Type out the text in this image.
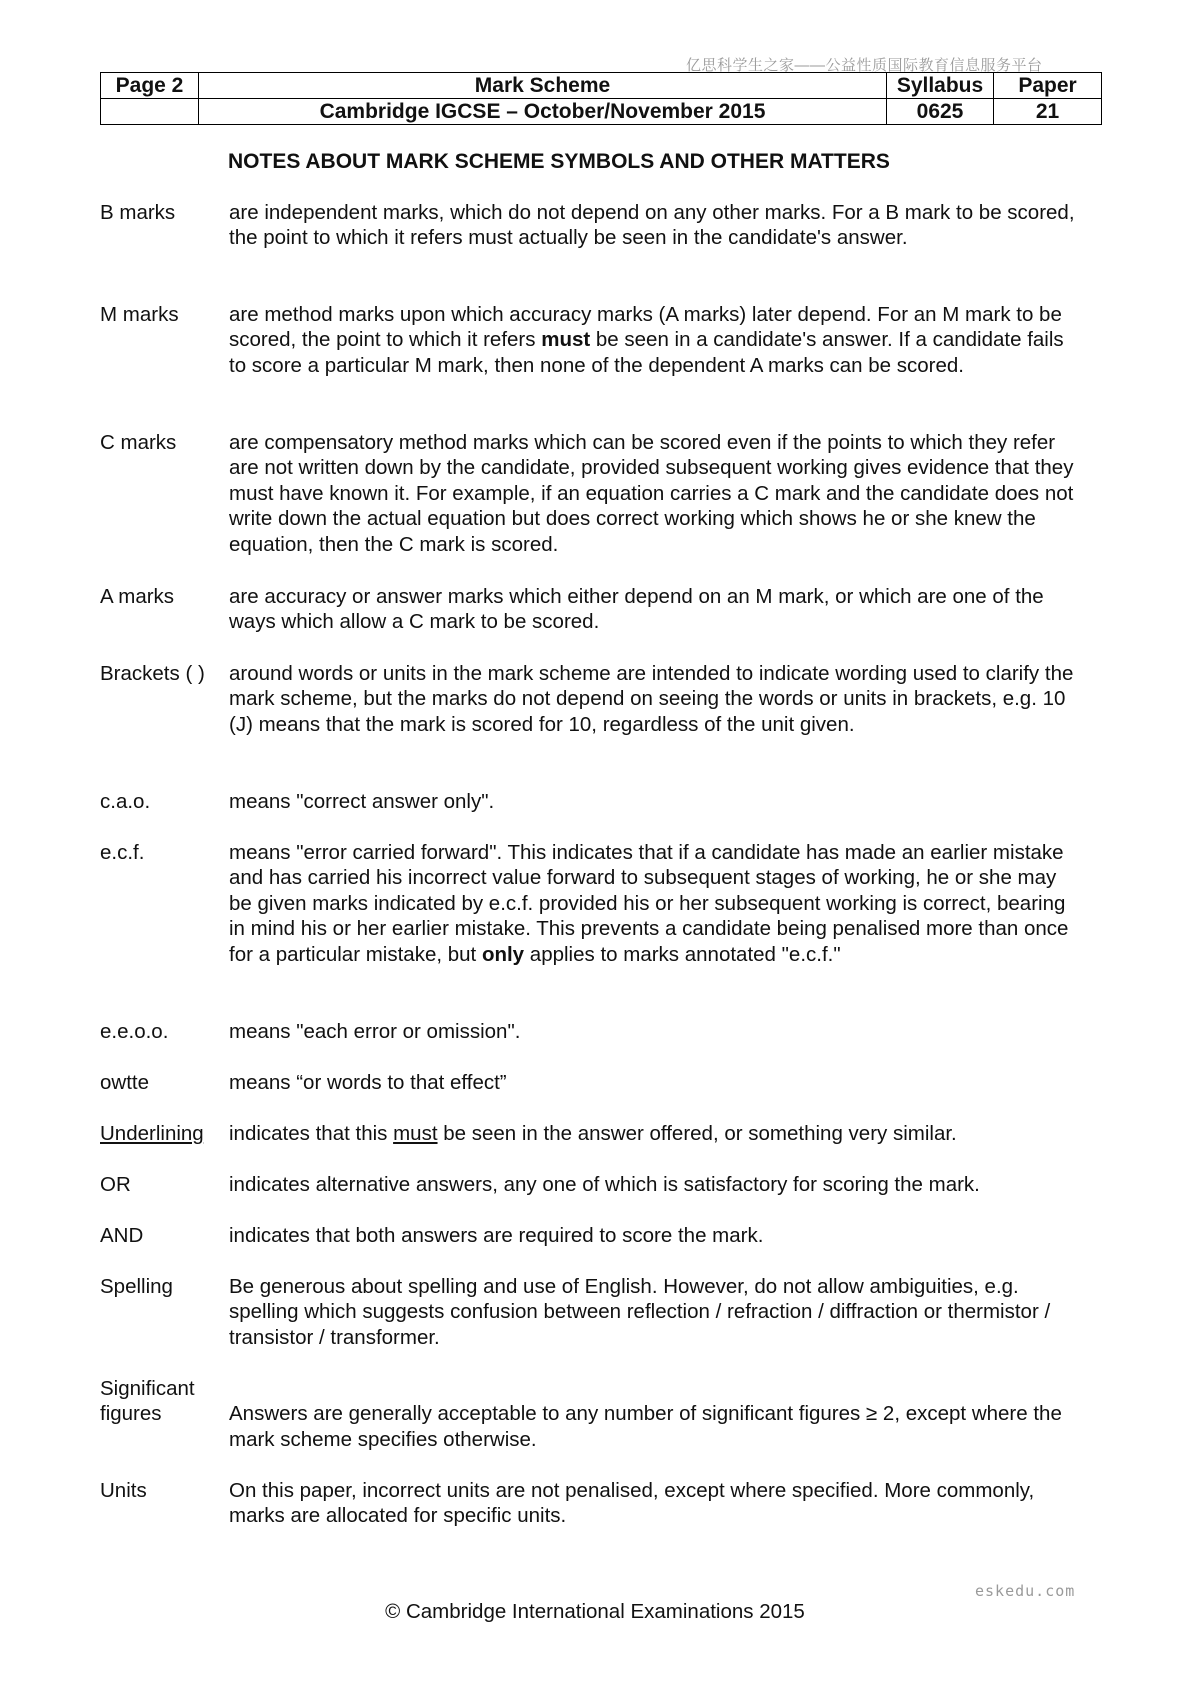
亿思科学生之家——公益性质国际教育信息服务平台
Page 2	Mark Scheme	Syllabus	Paper
	Cambridge IGCSE – October/November 2015	0625	21
NOTES ABOUT MARK SCHEME SYMBOLS AND OTHER MATTERS
B marks	are independent marks, which do not depend on any other marks. For a B mark to be scored, the point to which it refers must actually be seen in the candidate's answer.
M marks	are method marks upon which accuracy marks (A marks) later depend. For an M mark to be scored, the point to which it refers must be seen in a candidate's answer. If a candidate fails to score a particular M mark, then none of the dependent A marks can be scored.
C marks	are compensatory method marks which can be scored even if the points to which they refer are not written down by the candidate, provided subsequent working gives evidence that they must have known it. For example, if an equation carries a C mark and the candidate does not write down the actual equation but does correct working which shows he or she knew the equation, then the C mark is scored.
A marks	are accuracy or answer marks which either depend on an M mark, or which are one of the ways which allow a C mark to be scored.
Brackets ( )	around words or units in the mark scheme are intended to indicate wording used to clarify the mark scheme, but the marks do not depend on seeing the words or units in brackets, e.g. 10 (J) means that the mark is scored for 10, regardless of the unit given.
c.a.o.	means "correct answer only".
e.c.f.	means "error carried forward". This indicates that if a candidate has made an earlier mistake and has carried his incorrect value forward to subsequent stages of working, he or she may be given marks indicated by e.c.f. provided his or her subsequent working is correct, bearing in mind his or her earlier mistake. This prevents a candidate being penalised more than once for a particular mistake, but only applies to marks annotated "e.c.f."
e.e.o.o.	means "each error or omission".
owtte	means “or words to that effect”
Underlining	indicates that this must be seen in the answer offered, or something very similar.
OR	indicates alternative answers, any one of which is satisfactory for scoring the mark.
AND	indicates that both answers are required to score the mark.
Spelling	Be generous about spelling and use of English. However, do not allow ambiguities, e.g. spelling which suggests confusion between reflection / refraction / diffraction or thermistor / transistor / transformer.
Significant
figures	Answers are generally acceptable to any number of significant figures ≥ 2, except where the mark scheme specifies otherwise.
Units	On this paper, incorrect units are not penalised, except where specified. More commonly, marks are allocated for specific units.
eskedu.com
© Cambridge International Examinations 2015
